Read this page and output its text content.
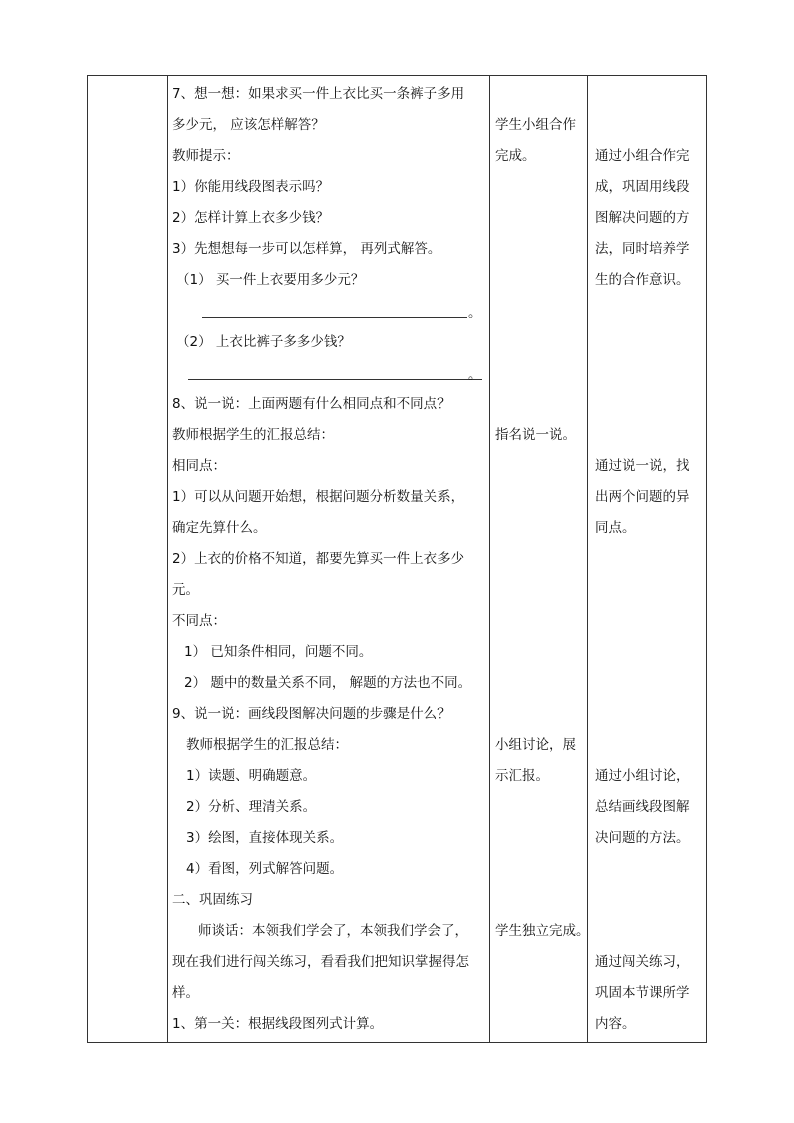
7、想一想：如果求买一件上衣比买一条裤子多用
多少元， 应该怎样解答？
教师提示：
1）你能用线段图表示吗？
2）怎样计算上衣多少钱？
3）先想想每一步可以怎样算， 再列式解答。
（1） 买一件上衣要用多少元？
（2） 上衣比裤子多多少钱？
8、说一说：上面两题有什么相同点和不同点？
教师根据学生的汇报总结：
相同点：
1）可以从问题开始想，根据问题分析数量关系，
确定先算什么。
2）上衣的价格不知道，都要先算买一件上衣多少
元。
不同点：
1） 已知条件相同，问题不同。
2） 题中的数量关系不同， 解题的方法也不同。
9、说一说：画线段图解决问题的步骤是什么？
教师根据学生的汇报总结：
1）读题、明确题意。
2）分析、理清关系。
3）绘图，直接体现关系。
4）看图，列式解答问题。
二、巩固练习
师谈话：本领我们学会了，本领我们学会了，
现在我们进行闯关练习，看看我们把知识掌握得怎
样。
1、第一关：根据线段图列式计算。
学生小组合作
完成。
指名说一说。
小组讨论，展
示汇报。
学生独立完成。
通过小组合作完
成，巩固用线段
图解决问题的方
法，同时培养学
生的合作意识。
通过说一说，找
出两个问题的异
同点。
通过小组讨论，
总结画线段图解
决问题的方法。
通过闯关练习，
巩固本节课所学
内容。
。
。
